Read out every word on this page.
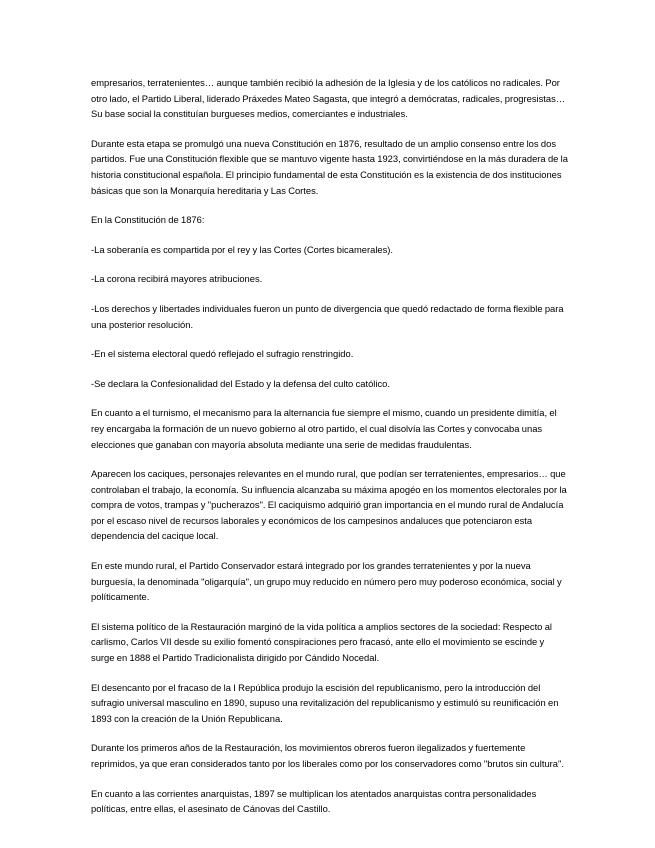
empresarios, terratenientes… aunque también recibió la adhesión de la Iglesia y de los católicos no radicales. Por otro lado, el Partido Liberal, liderado Práxedes Mateo Sagasta, que integró a demócratas, radicales, progresistas…Su base social la constituían burgueses medios, comerciantes e industriales.

Durante esta etapa se promulgó una nueva Constitución en 1876, resultado de un amplio consenso entre los dos partidos. Fue una Constitución flexible que se mantuvo vigente hasta 1923, convirtiéndose en la más duradera de la historia constitucional española. El principio fundamental de esta Constitución es la existencia de dos instituciones básicas que son la Monarquía hereditaria y Las Cortes.

En la Constitución de 1876:

-La soberanía es compartida por el rey y las Cortes (Cortes bicamerales).

-La corona recibirá mayores atribuciones.

-Los derechos y libertades individuales fueron un punto de divergencia que quedó redactado de forma flexible para una posterior resolución.

-En el sistema electoral quedó reflejado el sufragio renstringido.

-Se declara la Confesionalidad del Estado y la defensa del culto católico.

En cuanto a el turnismo, el mecanismo para la alternancia fue siempre el mismo, cuando un presidente dimitía, el rey encargaba la formación de un nuevo gobierno al otro partido, el cual disolvía las Cortes y convocaba unas elecciones que ganaban con mayoría absoluta mediante una serie de medidas fraudulentas.

Aparecen los caciques, personajes relevantes en el mundo rural, que podían ser terratenientes, empresarios… que controlaban el trabajo, la economía. Su influencia alcanzaba su máxima apogéo en los momentos electorales por la compra de votos, trampas y "pucherazos". El caciquismo adquirió gran importancia en el mundo rural de Andalucía por el escaso nivel de recursos laborales y económicos de los campesinos andaluces que potenciaron esta dependencia del cacique local.

En este mundo rural, el Partido Conservador estará integrado por los grandes terratenientes y por la nueva burguesía, la denominada "oligarquía", un grupo muy reducido en número pero muy poderoso económica, social y políticamente.

El sistema político de la Restauración marginó de la vida política a amplios sectores de la sociedad: Respecto al carlismo, Carlos VII desde su exilio fomentó conspiraciones pero fracasó, ante ello el movimiento se escinde y surge en 1888 el Partido Tradicionalista dirigido por Cándido Nocedal.

El desencanto por el fracaso de la I República produjo la escisión del republicanismo, pero la introducción del sufragio universal masculino en 1890, supuso una revitalización del republicanismo y estimuló su reunificación en 1893 con la creación de la Unión Republicana.

Durante los primeros años de la Restauración, los movimientos obreros fueron ilegalizados y fuertemente reprimidos, ya que eran considerados tanto por los liberales como por los conservadores como "brutos sin cultura".

En cuanto a las corrientes anarquistas, 1897 se multiplican los atentados anarquistas contra personalidades políticas, entre ellas, el asesinato de Cánovas del Castillo.
